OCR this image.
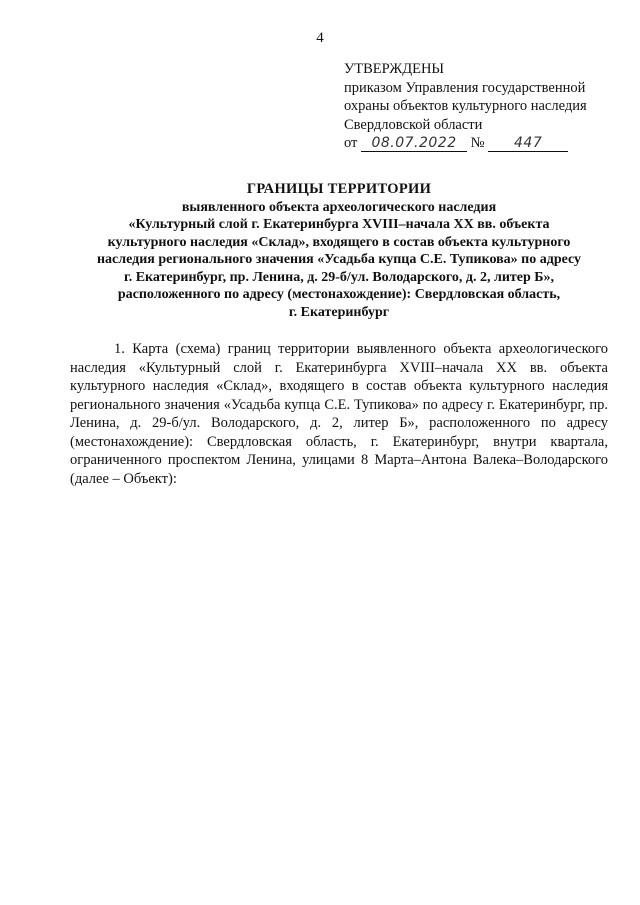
4
УТВЕРЖДЕНЫ
приказом Управления государственной
охраны объектов культурного наследия
Свердловской области
от 08.07.2022 № 447
ГРАНИЦЫ ТЕРРИТОРИИ
выявленного объекта археологического наследия
«Культурный слой г. Екатеринбурга XVIII–начала XX вв. объекта
культурного наследия «Склад», входящего в состав объекта культурного
наследия регионального значения «Усадьба купца С.Е. Тупикова» по адресу
г. Екатеринбург, пр. Ленина, д. 29-б/ул. Володарского, д. 2, литер Б»,
расположенного по адресу (местонахождение): Свердловская область,
г. Екатеринбург
1. Карта (схема) границ территории выявленного объекта археологического наследия «Культурный слой г. Екатеринбурга XVIII–начала XX вв. объекта культурного наследия «Склад», входящего в состав объекта культурного наследия регионального значения «Усадьба купца С.Е. Тупикова» по адресу г. Екатеринбург, пр. Ленина, д. 29-б/ул. Володарского, д. 2, литер Б», расположенного по адресу (местонахождение): Свердловская область, г. Екатеринбург, внутри квартала, ограниченного проспектом Ленина, улицами 8 Марта–Антона Валека–Володарского (далее – Объект):
